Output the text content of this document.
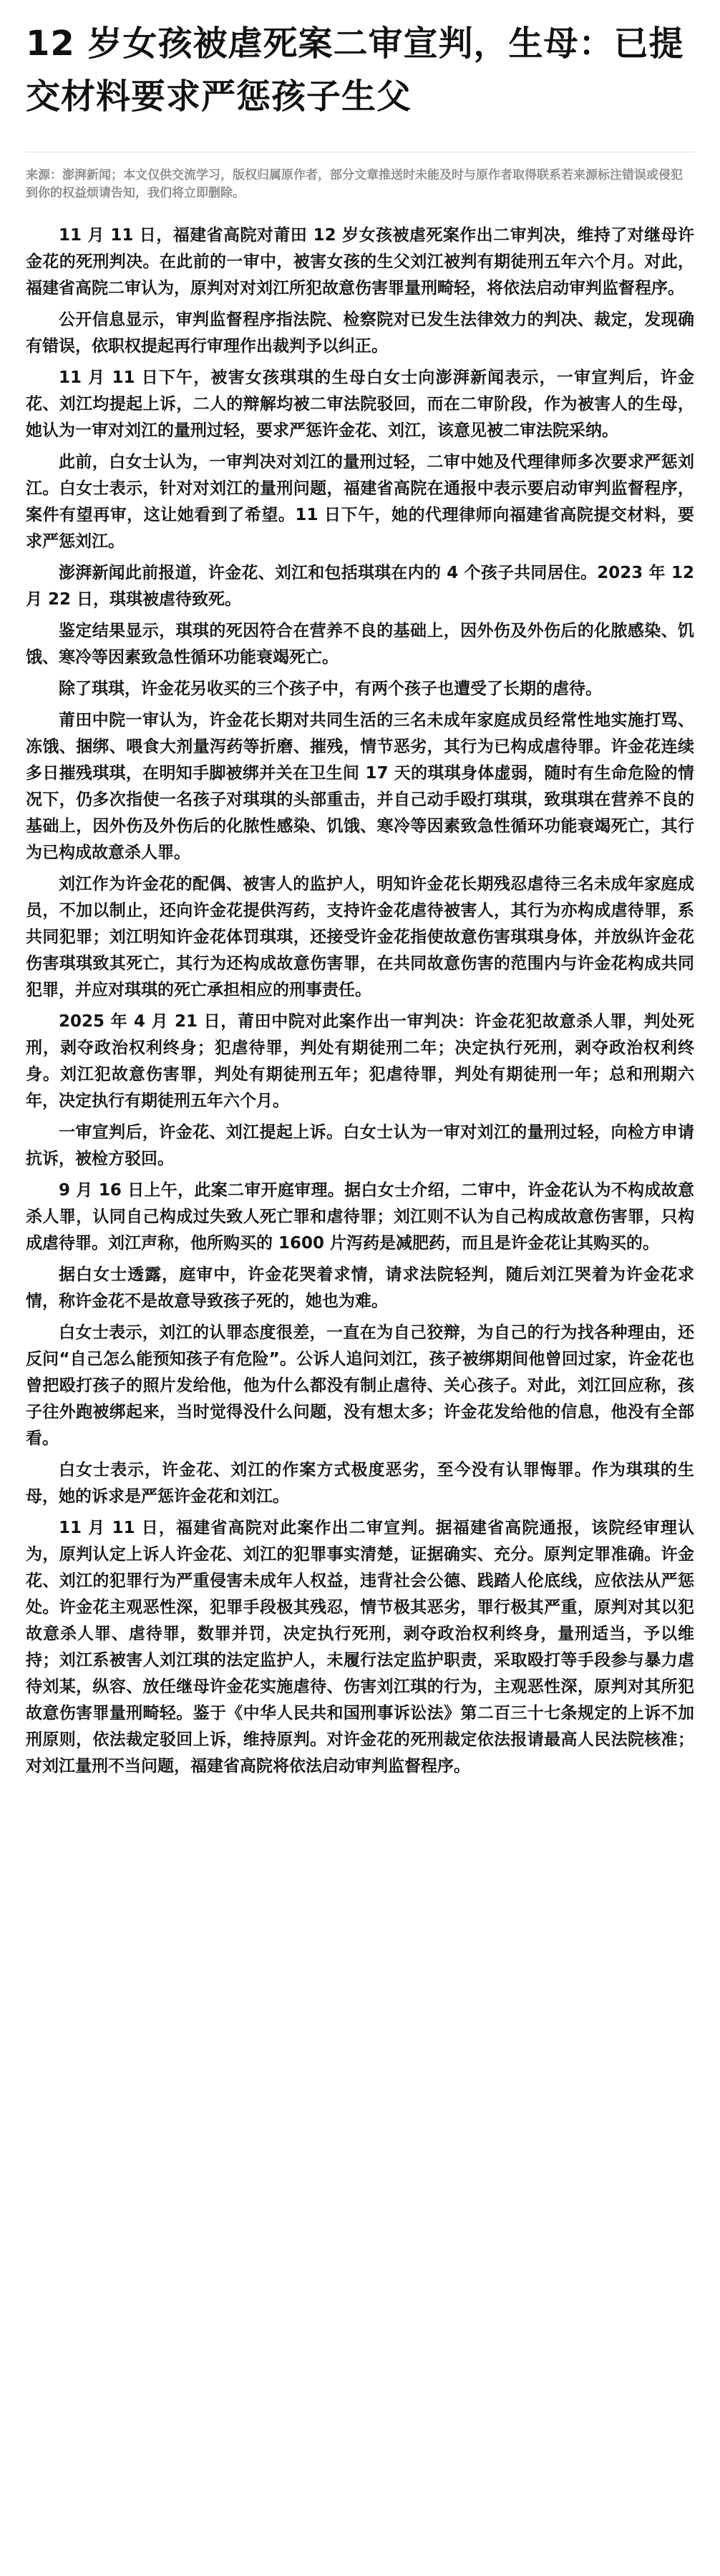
12 岁女孩被虐死案二审宣判，生母：已提交材料要求严惩孩子生父

来源：澎湃新闻；本文仅供交流学习，版权归属原作者，部分文章推送时未能及时与原作者取得联系若来源标注错误或侵犯到你的权益烦请告知，我们将立即删除。

11 月 11 日，福建省高院对莆田 12 岁女孩被虐死案作出二审判决，维持了对继母许金花的死刑判决。在此前的一审中，被害女孩的生父刘江被判有期徒刑五年六个月。对此，福建省高院二审认为，原判对对刘江所犯故意伤害罪量刑畸轻，将依法启动审判监督程序。

公开信息显示，审判监督程序指法院、检察院对已发生法律效力的判决、裁定，发现确有错误，依职权提起再行审理作出裁判予以纠正。

11 月 11 日下午，被害女孩琪琪的生母白女士向澎湃新闻表示，一审宣判后，许金花、刘江均提起上诉，二人的辩解均被二审法院驳回，而在二审阶段，作为被害人的生母，她认为一审对刘江的量刑过轻，要求严惩许金花、刘江，该意见被二审法院采纳。

此前，白女士认为，一审判决对刘江的量刑过轻，二审中她及代理律师多次要求严惩刘江。白女士表示，针对对刘江的量刑问题，福建省高院在通报中表示要启动审判监督程序，案件有望再审，这让她看到了希望。11 日下午，她的代理律师向福建省高院提交材料，要求严惩刘江。

澎湃新闻此前报道，许金花、刘江和包括琪琪在内的 4 个孩子共同居住。2023 年 12 月 22 日，琪琪被虐待致死。

鉴定结果显示，琪琪的死因符合在营养不良的基础上，因外伤及外伤后的化脓感染、饥饿、寒冷等因素致急性循环功能衰竭死亡。

除了琪琪，许金花另收买的三个孩子中，有两个孩子也遭受了长期的虐待。

莆田中院一审认为，许金花长期对共同生活的三名未成年家庭成员经常性地实施打骂、冻饿、捆绑、喂食大剂量泻药等折磨、摧残，情节恶劣，其行为已构成虐待罪。许金花连续多日摧残琪琪，在明知手脚被绑并关在卫生间 17 天的琪琪身体虚弱，随时有生命危险的情况下，仍多次指使一名孩子对琪琪的头部重击，并自己动手殴打琪琪，致琪琪在营养不良的基础上，因外伤及外伤后的化脓性感染、饥饿、寒冷等因素致急性循环功能衰竭死亡，其行为已构成故意杀人罪。

刘江作为许金花的配偶、被害人的监护人，明知许金花长期残忍虐待三名未成年家庭成员，不加以制止，还向许金花提供泻药，支持许金花虐待被害人，其行为亦构成虐待罪，系共同犯罪；刘江明知许金花体罚琪琪，还接受许金花指使故意伤害琪琪身体，并放纵许金花伤害琪琪致其死亡，其行为还构成故意伤害罪，在共同故意伤害的范围内与许金花构成共同犯罪，并应对琪琪的死亡承担相应的刑事责任。

2025 年 4 月 21 日，莆田中院对此案作出一审判决：许金花犯故意杀人罪，判处死刑，剥夺政治权利终身；犯虐待罪，判处有期徒刑二年；决定执行死刑，剥夺政治权利终身。刘江犯故意伤害罪，判处有期徒刑五年；犯虐待罪，判处有期徒刑一年；总和刑期六年，决定执行有期徒刑五年六个月。

一审宣判后，许金花、刘江提起上诉。白女士认为一审对刘江的量刑过轻，向检方申请抗诉，被检方驳回。

9 月 16 日上午，此案二审开庭审理。据白女士介绍，二审中，许金花认为不构成故意杀人罪，认同自己构成过失致人死亡罪和虐待罪；刘江则不认为自己构成故意伤害罪，只构成虐待罪。刘江声称，他所购买的 1600 片泻药是减肥药，而且是许金花让其购买的。

据白女士透露，庭审中，许金花哭着求情，请求法院轻判，随后刘江哭着为许金花求情，称许金花不是故意导致孩子死的，她也为难。

白女士表示，刘江的认罪态度很差，一直在为自己狡辩，为自己的行为找各种理由，还反问“自己怎么能预知孩子有危险”。公诉人追问刘江，孩子被绑期间他曾回过家，许金花也曾把殴打孩子的照片发给他，他为什么都没有制止虐待、关心孩子。对此，刘江回应称，孩子往外跑被绑起来，当时觉得没什么问题，没有想太多；许金花发给他的信息，他没有全部看。

白女士表示，许金花、刘江的作案方式极度恶劣，至今没有认罪悔罪。作为琪琪的生母，她的诉求是严惩许金花和刘江。

11 月 11 日，福建省高院对此案作出二审宣判。据福建省高院通报，该院经审理认为，原判认定上诉人许金花、刘江的犯罪事实清楚，证据确实、充分。原判定罪准确。许金花、刘江的犯罪行为严重侵害未成年人权益，违背社会公德、践踏人伦底线，应依法从严惩处。许金花主观恶性深，犯罪手段极其残忍，情节极其恶劣，罪行极其严重，原判对其以犯故意杀人罪、虐待罪，数罪并罚，决定执行死刑，剥夺政治权利终身，量刑适当，予以维持；刘江系被害人刘江琪的法定监护人，未履行法定监护职责，采取殴打等手段参与暴力虐待刘某，纵容、放任继母许金花实施虐待、伤害刘江琪的行为，主观恶性深，原判对其所犯故意伤害罪量刑畸轻。鉴于《中华人民共和国刑事诉讼法》第二百三十七条规定的上诉不加刑原则，依法裁定驳回上诉，维持原判。对许金花的死刑裁定依法报请最高人民法院核准；对刘江量刑不当问题，福建省高院将依法启动审判监督程序。
